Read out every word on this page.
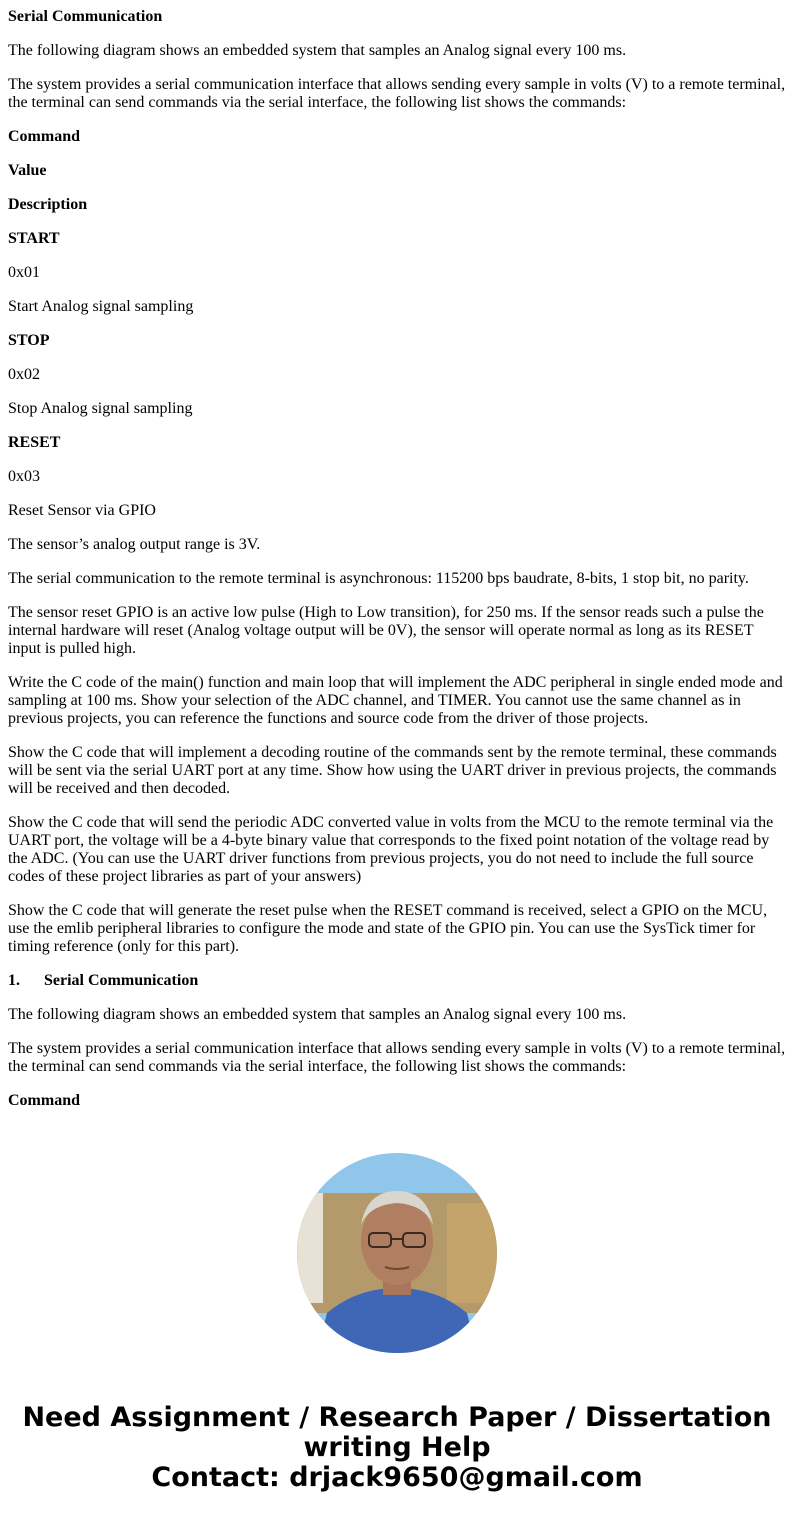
Serial Communication

The following diagram shows an embedded system that samples an Analog signal every 100 ms.

The system provides a serial communication interface that allows sending every sample in volts (V) to a remote terminal, the terminal can send commands via the serial interface, the following list shows the commands:

Command

Value

Description

START

0x01

Start Analog signal sampling

STOP

0x02

Stop Analog signal sampling

RESET

0x03

Reset Sensor via GPIO

The sensor’s analog output range is 3V.

The serial communication to the remote terminal is asynchronous: 115200 bps baudrate, 8-bits, 1 stop bit, no parity.

The sensor reset GPIO is an active low pulse (High to Low transition), for 250 ms. If the sensor reads such a pulse the internal hardware will reset (Analog voltage output will be 0V), the sensor will operate normal as long as its RESET input is pulled high.

Write the C code of the main() function and main loop that will implement the ADC peripheral in single ended mode and sampling at 100 ms. Show your selection of the ADC channel, and TIMER. You cannot use the same channel as in previous projects, you can reference the functions and source code from the driver of those projects.

Show the C code that will implement a decoding routine of the commands sent by the remote terminal, these commands will be sent via the serial UART port at any time. Show how using the UART driver in previous projects, the commands will be received and then decoded.

Show the C code that will send the periodic ADC converted value in volts from the MCU to the remote terminal via the UART port, the voltage will be a 4-byte binary value that corresponds to the fixed point notation of the voltage read by the ADC. (You can use the UART driver functions from previous projects, you do not need to include the full source codes of these project libraries as part of your answers)

Show the C code that will generate the reset pulse when the RESET command is received, select a GPIO on the MCU, use the emlib peripheral libraries to configure the mode and state of the GPIO pin. You can use the SysTick timer for timing reference (only for this part).

1. Serial Communication

The following diagram shows an embedded system that samples an Analog signal every 100 ms.

The system provides a serial communication interface that allows sending every sample in volts (V) to a remote terminal, the terminal can send commands via the serial interface, the following list shows the commands:

Command

Need Assignment / Research Paper / Dissertation
writing Help
Contact: drjack9650@gmail.com
